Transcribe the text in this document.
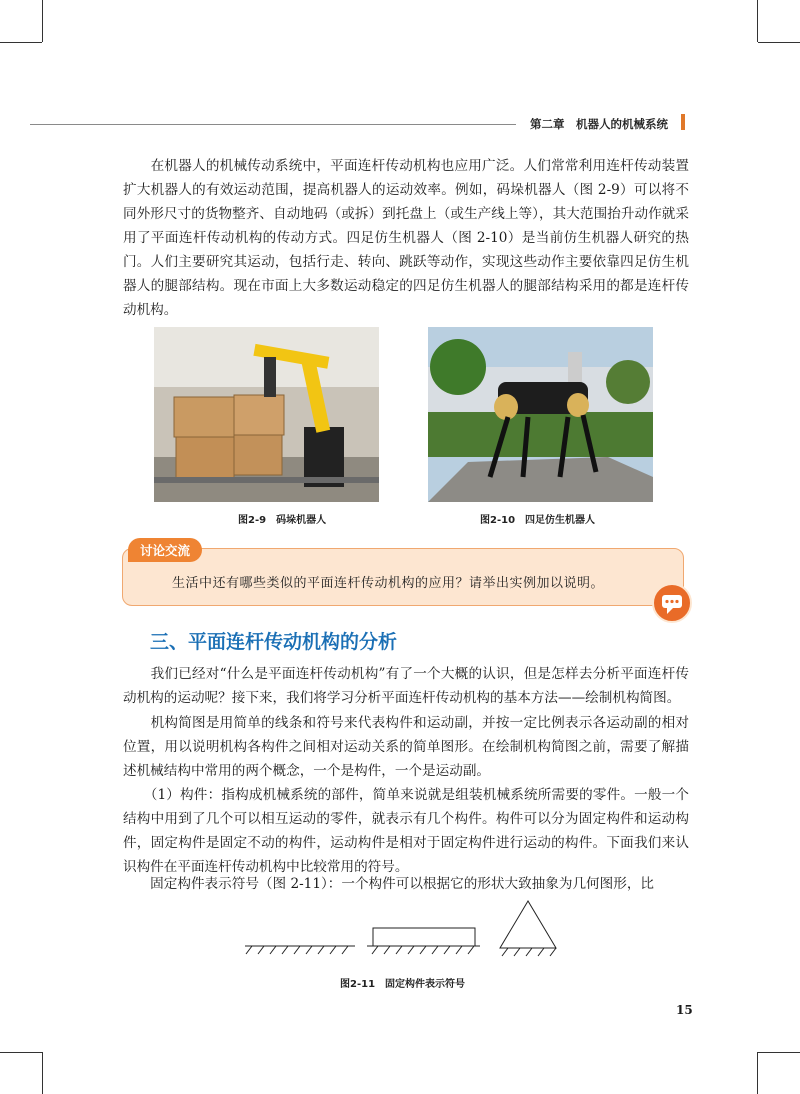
第二章　机器人的机械系统
　　在机器人的机械传动系统中，平面连杆传动机构也应用广泛。人们常常利用连杆传动装置扩大机器人的有效运动范围，提高机器人的运动效率。例如，码垛机器人（图 2-9）可以将不同外形尺寸的货物整齐、自动地码（或拆）到托盘上（或生产线上等），其大范围抬升动作就采用了平面连杆传动机构的传动方式。四足仿生机器人（图 2-10）是当前仿生机器人研究的热门。人们主要研究其运动，包括行走、转向、跳跃等动作，实现这些动作主要依靠四足仿生机器人的腿部结构。现在市面上大多数运动稳定的四足仿生机器人的腿部结构采用的都是连杆传动机构。
图2-9　码垛机器人	图2-10　四足仿生机器人
讨论交流
生活中还有哪些类似的平面连杆传动机构的应用？请举出实例加以说明。
三、平面连杆传动机构的分析
　　我们已经对“什么是平面连杆传动机构”有了一个大概的认识，但是怎样去分析平面连杆传动机构的运动呢？接下来，我们将学习分析平面连杆传动机构的基本方法——绘制机构简图。
　　机构简图是用简单的线条和符号来代表构件和运动副，并按一定比例表示各运动副的相对位置，用以说明机构各构件之间相对运动关系的简单图形。在绘制机构简图之前，需要了解描述机械结构中常用的两个概念，一个是构件，一个是运动副。
　　（1）构件：指构成机械系统的部件，简单来说就是组装机械系统所需要的零件。一般一个结构中用到了几个可以相互运动的零件，就表示有几个构件。构件可以分为固定构件和运动构件，固定构件是固定不动的构件，运动构件是相对于固定构件进行运动的构件。下面我们来认识构件在平面连杆传动机构中比较常用的符号。
　　固定构件表示符号（图 2-11）：一个构件可以根据它的形状大致抽象为几何图形，比
图2-11　固定构件表示符号
15
